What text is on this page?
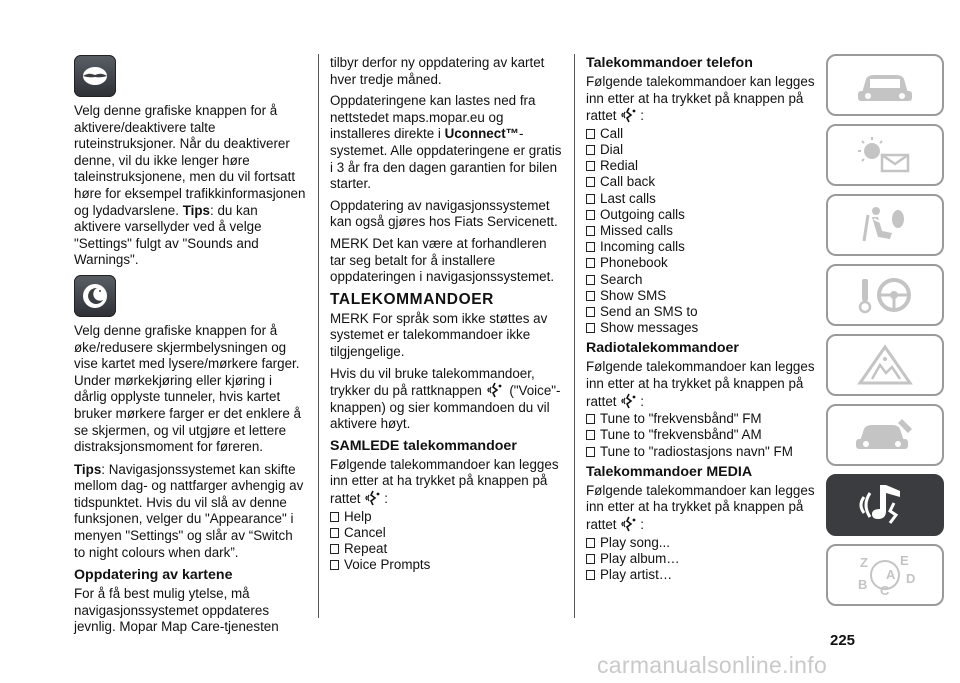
Velg denne grafiske knappen for å aktivere/deaktivere talte ruteinstruksjoner. Når du deaktiverer denne, vil du ikke lenger høre taleinstruksjonene, men du vil fortsatt høre for eksempel trafikkinformasjonen og lydadvarslene. Tips: du kan aktivere varsellyder ved å velge "Settings" fulgt av "Sounds and Warnings".

Velg denne grafiske knappen for å øke/redusere skjermbelysningen og vise kartet med lysere/mørkere farger. Under mørkekjøring eller kjøring i dårlig opplyste tunneler, hvis kartet bruker mørkere farger er det enklere å se skjermen, og vil utgjøre et lettere distraksjonsmoment for føreren.

Tips: Navigasjonssystemet kan skifte mellom dag- og nattfarger avhengig av tidspunktet. Hvis du vil slå av denne funksjonen, velger du "Appearance" i menyen "Settings" og slår av “Switch to night colours when dark”.

Oppdatering av kartene

For å få best mulig ytelse, må navigasjonssystemet oppdateres jevnlig. Mopar Map Care-tjenesten

tilbyr derfor ny oppdatering av kartet hver tredje måned.

Oppdateringene kan lastes ned fra nettstedet maps.mopar.eu og installeres direkte i Uconnect™-systemet. Alle oppdateringene er gratis i 3 år fra den dagen garantien for bilen starter.

Oppdatering av navigasjonssystemet kan også gjøres hos Fiats Servicenett.

MERK Det kan være at forhandleren tar seg betalt for å installere oppdateringen i navigasjonssystemet.

TALEKOMMANDOER

MERK For språk som ikke støttes av systemet er talekommandoer ikke tilgjengelige.

Hvis du vil bruke talekommandoer, trykker du på rattknappen ("Voice"-knappen) og sier kommandoen du vil aktivere høyt.

SAMLEDE talekommandoer

Følgende talekommandoer kan legges inn etter at ha trykket på knappen på rattet :

Help
Cancel
Repeat
Voice Prompts
Talekommandoer telefon

Følgende talekommandoer kan legges inn etter at ha trykket på knappen på rattet :

Call
Dial
Redial
Call back
Last calls
Outgoing calls
Missed calls
Incoming calls
Phonebook
Search
Show SMS
Send an SMS to
Show messages
Radiotalekommandoer

Følgende talekommandoer kan legges inn etter at ha trykket på knappen på rattet :

Tune to "frekvensbånd" FM
Tune to "frekvensbånd" AM
Tune to "radiostasjons navn" FM
Talekommandoer MEDIA

Følgende talekommandoer kan legges inn etter at ha trykket på knappen på rattet :

Play song...
Play album…
Play artist…
Z E
B C
D
A
225
carmanualsonline.info
